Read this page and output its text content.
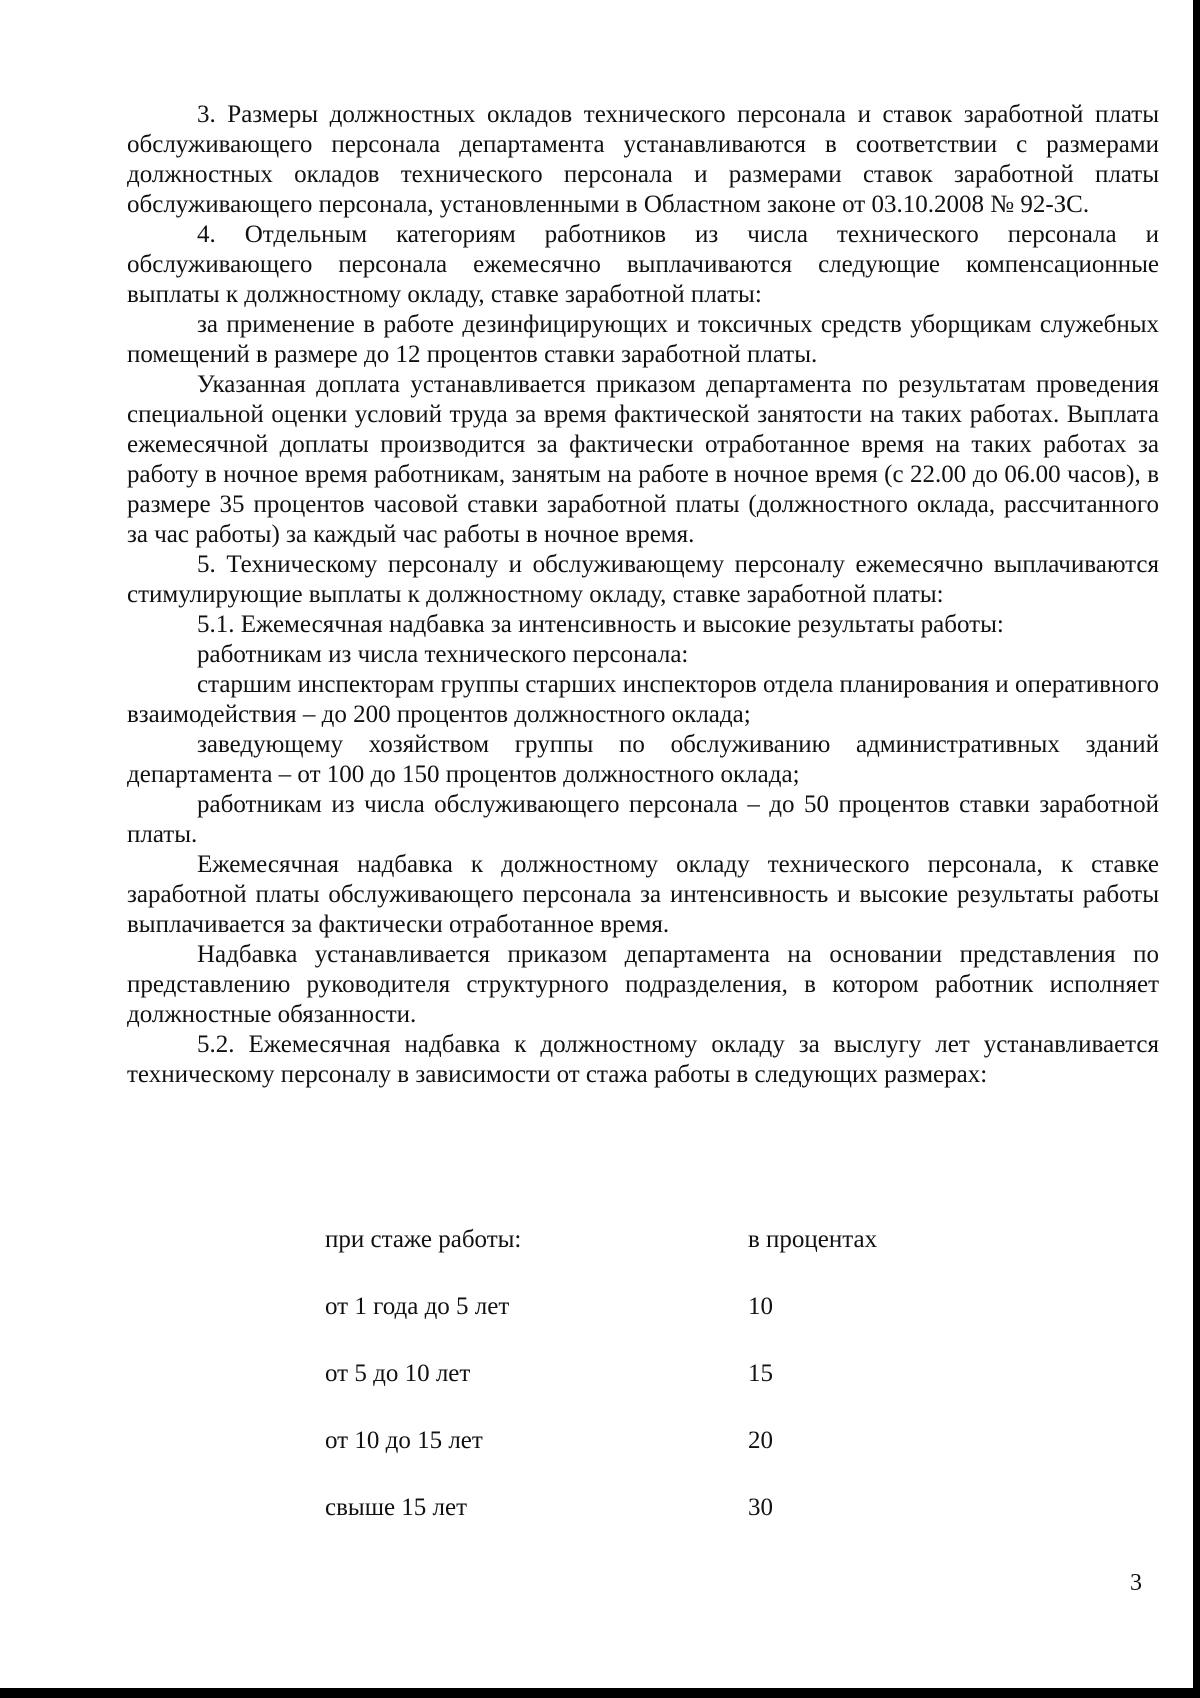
3. Размеры должностных окладов технического персонала и ставок заработной платы обслуживающего персонала департамента устанавливаются в соответствии с размерами должностных окладов технического персонала и размерами ставок заработной платы обслуживающего персонала, установленными в Областном законе от 03.10.2008 № 92-ЗС.

4. Отдельным категориям работников из числа технического персонала и обслуживающего персонала ежемесячно выплачиваются следующие компенсационные выплаты к должностному окладу, ставке заработной платы:

за применение в работе дезинфицирующих и токсичных средств уборщикам служебных помещений в размере до 12 процентов ставки заработной платы.

Указанная доплата устанавливается приказом департамента по результатам проведения специальной оценки условий труда за время фактической занятости на таких работах. Выплата ежемесячной доплаты производится за фактически отработанное время на таких работах за работу в ночное время работникам, занятым на работе в ночное время (с 22.00 до 06.00 часов), в размере 35 процентов часовой ставки заработной платы (должностного оклада, рассчитанного за час работы) за каждый час работы в ночное время.

5. Техническому персоналу и обслуживающему персоналу ежемесячно выплачиваются стимулирующие выплаты к должностному окладу, ставке заработной платы:

5.1. Ежемесячная надбавка за интенсивность и высокие результаты работы:

работникам из числа технического персонала:

старшим инспекторам группы старших инспекторов отдела планирования и оперативного взаимодействия – до 200 процентов должностного оклада;

заведующему хозяйством группы по обслуживанию административных зданий департамента – от 100 до 150 процентов должностного оклада;

работникам из числа обслуживающего персонала – до 50 процентов ставки заработной платы.

Ежемесячная надбавка к должностному окладу технического персонала, к ставке заработной платы обслуживающего персонала за интенсивность и высокие результаты работы выплачивается за фактически отработанное время.

Надбавка устанавливается приказом департамента на основании представления по представлению руководителя структурного подразделения, в котором работник исполняет должностные обязанности.

5.2. Ежемесячная надбавка к должностному окладу за выслугу лет устанавливается техническому персоналу в зависимости от стажа работы в следующих размерах:

при стаже работы:	в процентах
от 1 года до 5 лет	10
от 5 до 10 лет	15
от 10 до 15 лет	20
свыше 15 лет	30
3
